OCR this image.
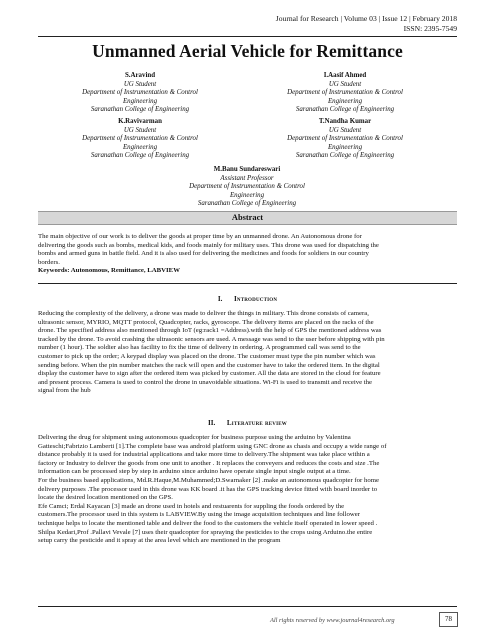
Journal for Research | Volume 03 | Issue 12 | February 2018
ISSN: 2395-7549
Unmanned Aerial Vehicle for Remittance
S.Aravind
UG Student
Department of Instrumentation & Control Engineering
Saranathan College of Engineering
I.Aasif Ahmed
UG Student
Department of Instrumentation & Control Engineering
Saranathan College of Engineering
K.Ravivarman
UG Student
Department of Instrumentation & Control Engineering
Saranathan College of Engineering
T.Nandha Kumar
UG Student
Department of Instrumentation & Control Engineering
Saranathan College of Engineering
M.Banu Sundareswari
Assistant Professor
Department of Instrumentation & Control Engineering
Saranathan College of Engineering
Abstract
The main objective of our work is to deliver the goods at proper time by an unmanned drone. An Autonomous drone for
delivering the goods such as bombs, medical kids, and foods mainly for military uses. This drone was used for dispatching the
bombs and armed guns in battle field. And it is also used for delivering the medicines and foods for soldiers in our country
borders.
Keywords: Autonomous, Remittance, LABVIEW
I. Introduction
Reducing the complexity of the delivery, a drone was made to deliver the things in military. This drone consists of camera,
ultrasonic sensor, MYRIO, MQTT protocol, Quadcopter, racks, gyroscope. The delivery items are placed on the racks of the
drone. The specified address also mentioned through IoT (eg:rack1 =Address).with the help of GPS the mentioned address was
tracked by the drone. To avoid crashing the ultrasonic sensors are used. A message was send to the user before shipping with pin
number (1 hour). The soldier also has facility to fix the time of delivery in ordering. A programmed call was send to the
customer to pick up the order; A keypad display was placed on the drone. The customer must type the pin number which was
sending before. When the pin number matches the rack will open and the customer have to take the ordered item. In the digital
display the customer have to sign after the ordered item was picked by customer. All the data are stored in the cloud for feature
and present process. Camera is used to control the drone in unavoidable situations. Wi-Fi is used to transmit and receive the
signal from the hub
II. Literature review
Delivering the drug for shipment using autonomous quadcopter for business purpose using the arduino by Valentina
Gatteschi;Fabrizio Lamberti [1].The complete base was android platform using GNC drone as chasis and occupy a wide range of
distance probably it is used for industrial applications and take more time to delivery.The shipment was take place within a
factory or Industry to deliver the goods from one unit to another . It replaces the conveyers and reduces the costs and size .The
information can be processed step by step in arduino since arduino have operate single input single output at a time.
For the business based applications, Md.R.Haque,M.Muhammed;D.Swarnaker [2] .make an autonomous quadcopter for home
delivery purposes .The processor used in this drone was KK board .it has the GPS tracking device fitted with board inorder to
locate the desired location mentioned on the GPS.
Efe Camci; Erdal Kayacan [3] made an drone used in hotels and restuarents for suppling the foods ordered by the
customers.The processor used in this system is LABVIEW.By using the image acquisition techniques and line follower
technique helps to locate the mentioned table and deliver the food to the customers the vehicle itself operated in lower speed .
Shilpa Kedari,Prof .Pallavi Vevale [7] uses their quadcopter for spraying the pesticides to the crops using Arduino.the entire
setup carry the pesticide and it spray at the area level which are mentioned in the program
All rights reserved by www.journal4research.org	78
